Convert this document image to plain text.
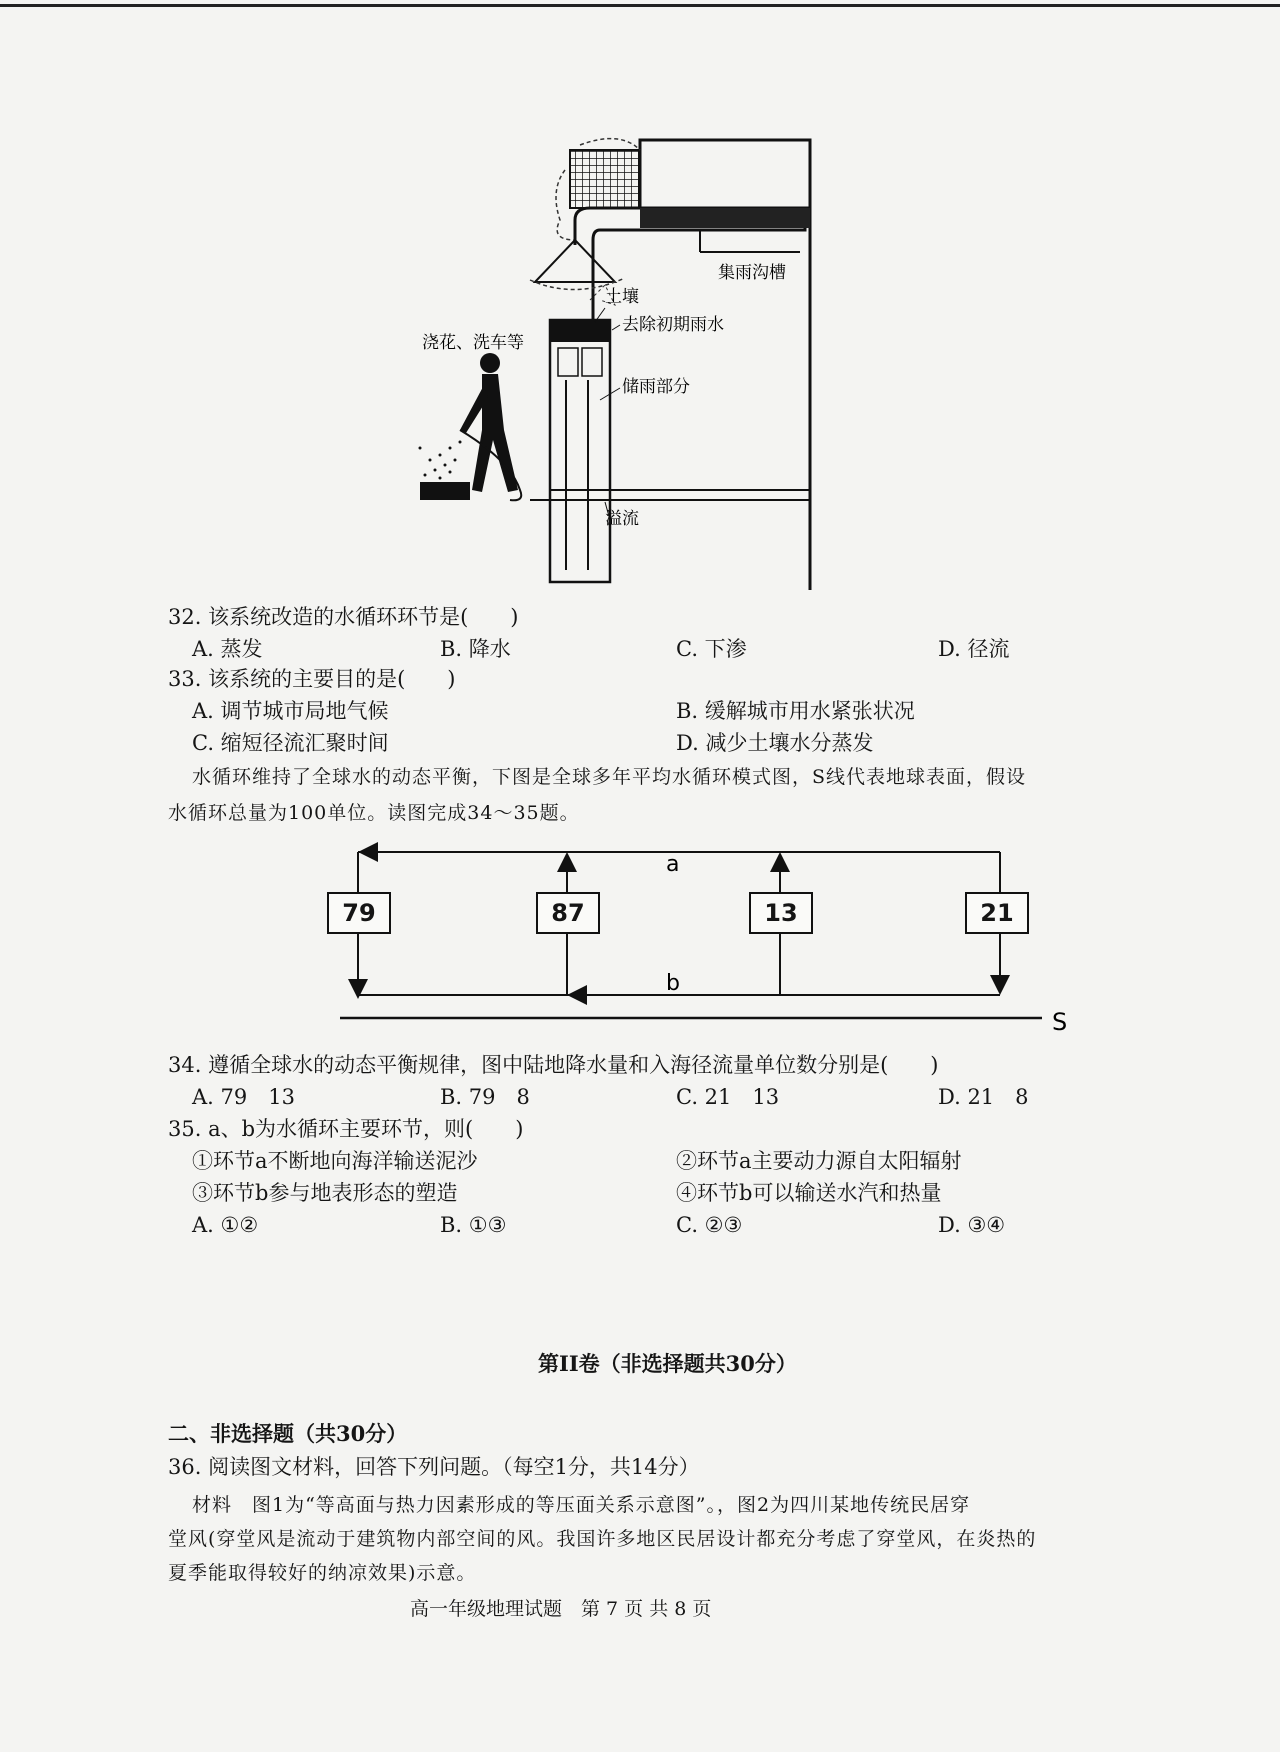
集雨沟槽
土壤
去除初期雨水
储雨部分
浇花、洗车等
溢流
32. 该系统改造的水循环环节是(　　)
A. 蒸发	B. 降水	C. 下渗	D. 径流
33. 该系统的主要目的是(　　)
A. 调节城市局地气候	B. 缓解城市用水紧张状况
C. 缩短径流汇聚时间	D. 减少土壤水分蒸发
水循环维持了全球水的动态平衡，下图是全球多年平均水循环模式图，S线代表地球表面，假设
水循环总量为100单位。读图完成34～35题。
a
b
S
79	87	13	21
34. 遵循全球水的动态平衡规律，图中陆地降水量和入海径流量单位数分别是(　　)
A. 79　13	B. 79　8	C. 21　13	D. 21　8
35. a、b为水循环主要环节，则(　　)
①环节a不断地向海洋输送泥沙	②环节a主要动力源自太阳辐射
③环节b参与地表形态的塑造	④环节b可以输送水汽和热量
A. ①②	B. ①③	C. ②③	D. ③④
第II卷（非选择题共30分）
二、非选择题（共30分）
36. 阅读图文材料，回答下列问题。（每空1分，共14分）
材料　图1为“等高面与热力因素形成的等压面关系示意图”。，图2为四川某地传统民居穿
堂风(穿堂风是流动于建筑物内部空间的风。我国许多地区民居设计都充分考虑了穿堂风，在炎热的
夏季能取得较好的纳凉效果)示意。
高一年级地理试题　第 7 页 共 8 页
